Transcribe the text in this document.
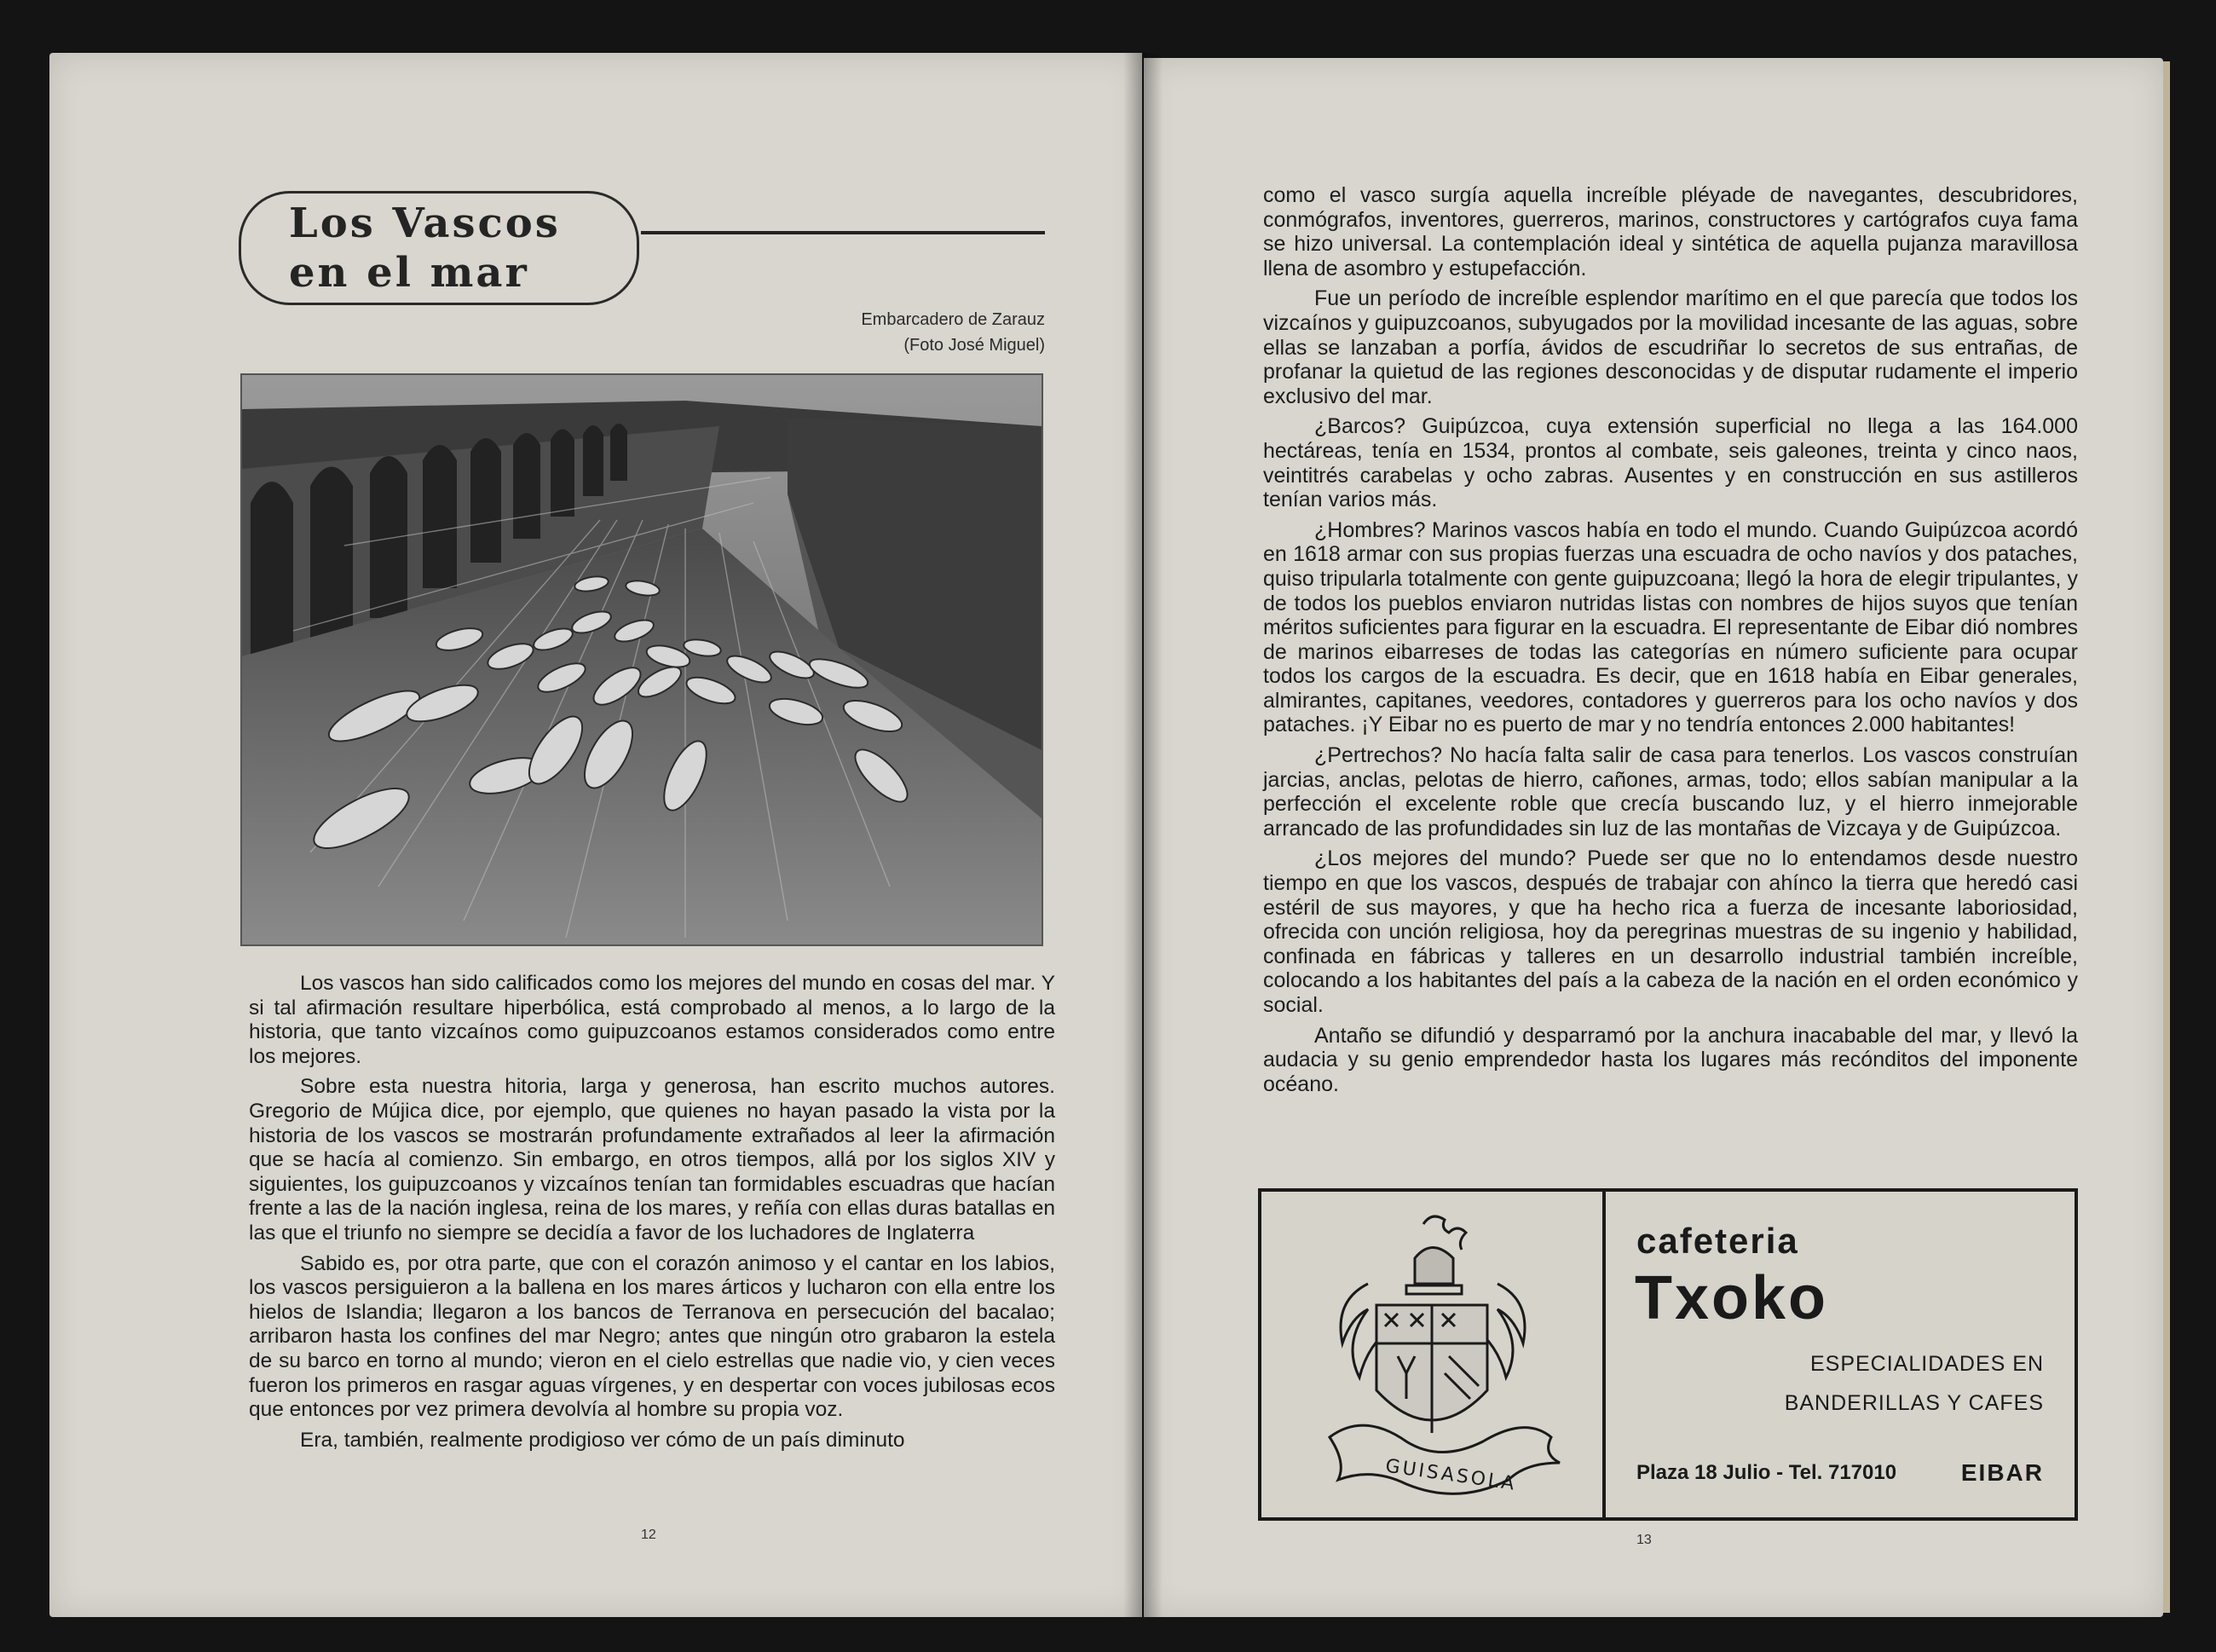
Los Vascos
en el mar
Embarcadero de Zarauz
(Foto José Miguel)

Los vascos han sido calificados como los mejores del mundo en cosas del mar. Y si tal afirmación resultare hiperbólica, está comprobado al menos, a lo largo de la historia, que tanto vizcaínos como guipuzcoanos estamos considerados como entre los mejores.

Sobre esta nuestra hitoria, larga y generosa, han escrito muchos autores. Gregorio de Mújica dice, por ejemplo, que quienes no hayan pasado la vista por la historia de los vascos se mostrarán profundamente extrañados al leer la afirmación que se hacía al comienzo. Sin embargo, en otros tiempos, allá por los siglos XIV y siguientes, los guipuzcoanos y vizcaínos tenían tan formidables escuadras que hacían frente a las de la nación inglesa, reina de los mares, y reñía con ellas duras batallas en las que el triunfo no siempre se decidía a favor de los luchadores de Inglaterra

Sabido es, por otra parte, que con el corazón animoso y el cantar en los labios, los vascos persiguieron a la ballena en los mares árticos y lucharon con ella entre los hielos de Islandia; llegaron a los bancos de Terranova en persecución del bacalao; arribaron hasta los confines del mar Negro; antes que ningún otro grabaron la estela de su barco en torno al mundo; vieron en el cielo estrellas que nadie vio, y cien veces fueron los primeros en rasgar aguas vírgenes, y en despertar con voces jubilosas ecos que entonces por vez primera devolvía al hombre su propia voz.

Era, también, realmente prodigioso ver cómo de un país diminuto

12

como el vasco surgía aquella increíble pléyade de navegantes, descubridores, conmógrafos, inventores, guerreros, marinos, constructores y cartógrafos cuya fama se hizo universal. La contemplación ideal y sintética de aquella pujanza maravillosa llena de asombro y estupefacción.

Fue un período de increíble esplendor marítimo en el que parecía que todos los vizcaínos y guipuzcoanos, subyugados por la movilidad incesante de las aguas, sobre ellas se lanzaban a porfía, ávidos de escudriñar lo secretos de sus entrañas, de profanar la quietud de las regiones desconocidas y de disputar rudamente el imperio exclusivo del mar.

¿Barcos? Guipúzcoa, cuya extensión superficial no llega a las 164.000 hectáreas, tenía en 1534, prontos al combate, seis galeones, treinta y cinco naos, veintitrés carabelas y ocho zabras. Ausentes y en construcción en sus astilleros tenían varios más.

¿Hombres? Marinos vascos había en todo el mundo. Cuando Guipúzcoa acordó en 1618 armar con sus propias fuerzas una escuadra de ocho navíos y dos pataches, quiso tripularla totalmente con gente guipuzcoana; llegó la hora de elegir tripulantes, y de todos los pueblos enviaron nutridas listas con nombres de hijos suyos que tenían méritos suficientes para figurar en la escuadra. El representante de Eibar dió nombres de marinos eibarreses de todas las categorías en número suficiente para ocupar todos los cargos de la escuadra. Es decir, que en 1618 había en Eibar generales, almirantes, capitanes, veedores, contadores y guerreros para los ocho navíos y dos pataches. ¡Y Eibar no es puerto de mar y no tendría entonces 2.000 habitantes!

¿Pertrechos? No hacía falta salir de casa para tenerlos. Los vascos construían jarcias, anclas, pelotas de hierro, cañones, armas, todo; ellos sabían manipular a la perfección el excelente roble que crecía buscando luz, y el hierro inmejorable arrancado de las profundidades sin luz de las montañas de Vizcaya y de Guipúzcoa.

¿Los mejores del mundo? Puede ser que no lo entendamos desde nuestro tiempo en que los vascos, después de trabajar con ahínco la tierra que heredó casi estéril de sus mayores, y que ha hecho rica a fuerza de incesante laboriosidad, ofrecida con unción religiosa, hoy da peregrinas muestras de su ingenio y habilidad, confinada en fábricas y talleres en un desarrollo industrial también increíble, colocando a los habitantes del país a la cabeza de la nación en el orden económico y social.

Antaño se difundió y desparramó por la anchura inacabable del mar, y llevó la audacia y su genio emprendedor hasta los lugares más recónditos del imponente océano.

GUISASOLA
cafeteria
Txoko
ESPECIALIDADES EN
BANDERILLAS Y CAFES
Plaza 18 Julio - Tel. 717010	EIBAR
13
